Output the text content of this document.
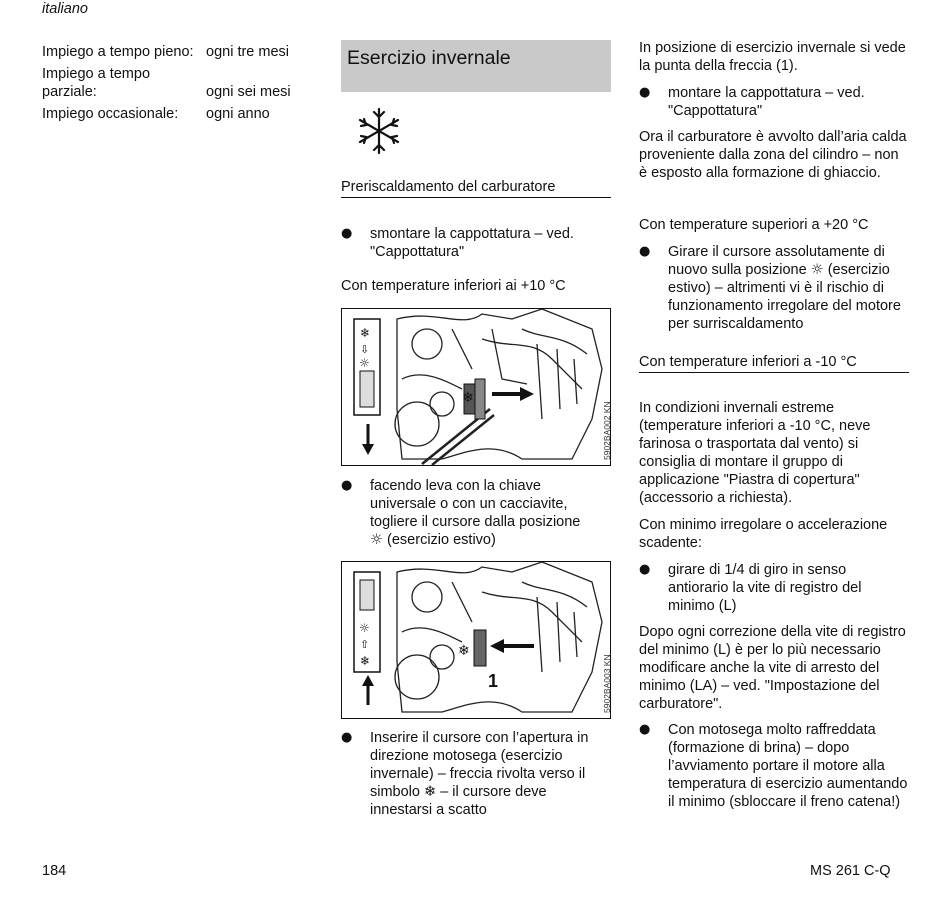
italiano
Impiego a tempo pieno:
Impiego a tempo parziale:
Impiego occasionale:
ogni tre mesi
ogni sei mesi
ogni anno
Esercizio invernale
Preriscaldamento del carburatore
● smontare la cappottatura – ved. "Cappottatura"
Con temperature inferiori ai +10 °C
❄
❄
⇩
☼
5902BA002 KN
● facendo leva con la chiave universale o con un cacciavite, togliere il cursore dalla posizione ☼ (esercizio estivo)
❄
1
☼
⇧
❄	5902BA003 KN
● Inserire il cursore con l’apertura in direzione motosega (esercizio invernale) – freccia rivolta verso il simbolo ❄ – il cursore deve innestarsi a scatto
In posizione di esercizio invernale si vede la punta della freccia (1).
● montare la cappottatura – ved. "Cappottatura"
Ora il carburatore è avvolto dall’aria calda proveniente dalla zona del cilindro – non è esposto alla formazione di ghiaccio.
Con temperature superiori a +20 °C
● Girare il cursore assolutamente di nuovo sulla posizione ☼ (esercizio estivo) – altrimenti vi è il rischio di funzionamento irregolare del motore per surriscaldamento
Con temperature inferiori a -10 °C
In condizioni invernali estreme (temperature inferiori a -10 °C, neve farinosa o trasportata dal vento) si consiglia di montare il gruppo di applicazione "Piastra di copertura" (accessorio a richiesta).
Con minimo irregolare o accelerazione scadente:
● girare di 1/4 di giro in senso antiorario la vite di registro del minimo (L)
Dopo ogni correzione della vite di registro del minimo (L) è per lo più necessario modificare anche la vite di arresto del minimo (LA) – ved. "Impostazione del carburatore".
● Con motosega molto raffreddata (formazione di brina) – dopo l’avviamento portare il motore alla temperatura di esercizio aumentando il minimo (sbloccare il freno catena!)
184	MS 261 C-Q
